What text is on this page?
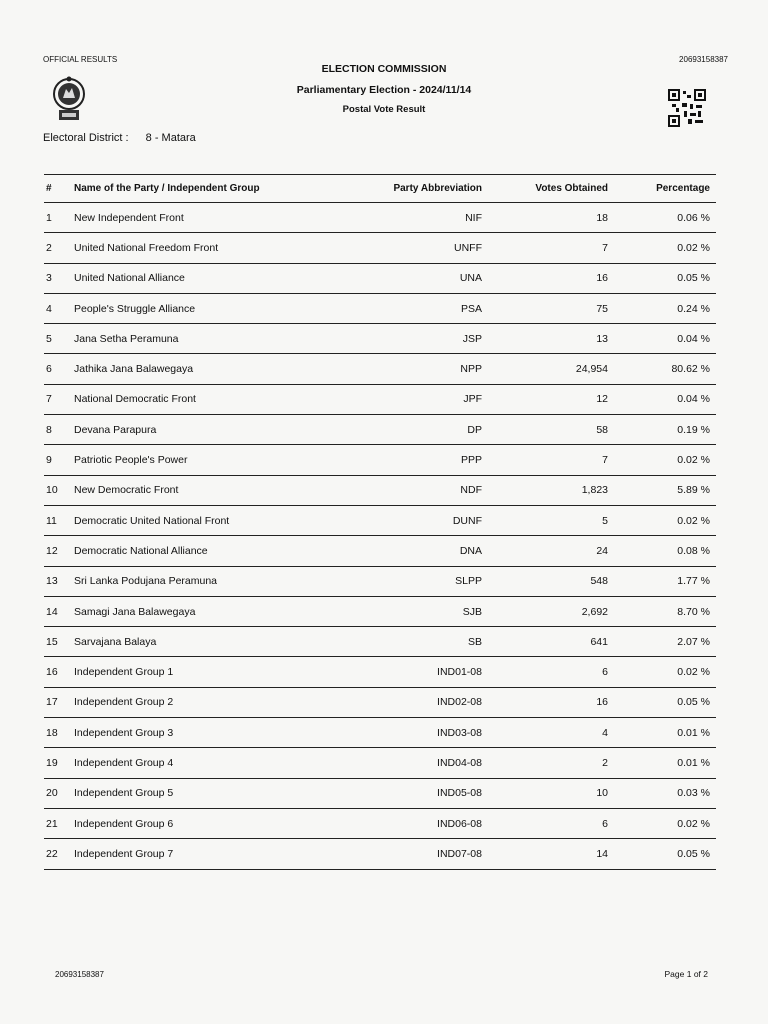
OFFICIAL RESULTS	20693158387
ELECTION COMMISSION
Parliamentary Election - 2024/11/14
Postal Vote Result
Electoral District : 8 - Matara
#	Name of the Party / Independent Group	Party Abbreviation	Votes Obtained	Percentage
1	New Independent Front	NIF	18	0.06 %
2	United National Freedom Front	UNFF	7	0.02 %
3	United National Alliance	UNA	16	0.05 %
4	People's Struggle Alliance	PSA	75	0.24 %
5	Jana Setha Peramuna	JSP	13	0.04 %
6	Jathika Jana Balawegaya	NPP	24,954	80.62 %
7	National Democratic Front	JPF	12	0.04 %
8	Devana Parapura	DP	58	0.19 %
9	Patriotic People's Power	PPP	7	0.02 %
10	New Democratic Front	NDF	1,823	5.89 %
11	Democratic United National Front	DUNF	5	0.02 %
12	Democratic National Alliance	DNA	24	0.08 %
13	Sri Lanka Podujana Peramuna	SLPP	548	1.77 %
14	Samagi Jana Balawegaya	SJB	2,692	8.70 %
15	Sarvajana Balaya	SB	641	2.07 %
16	Independent Group 1	IND01-08	6	0.02 %
17	Independent Group 2	IND02-08	16	0.05 %
18	Independent Group 3	IND03-08	4	0.01 %
19	Independent Group 4	IND04-08	2	0.01 %
20	Independent Group 5	IND05-08	10	0.03 %
21	Independent Group 6	IND06-08	6	0.02 %
22	Independent Group 7	IND07-08	14	0.05 %
20693158387	Page 1 of 2
